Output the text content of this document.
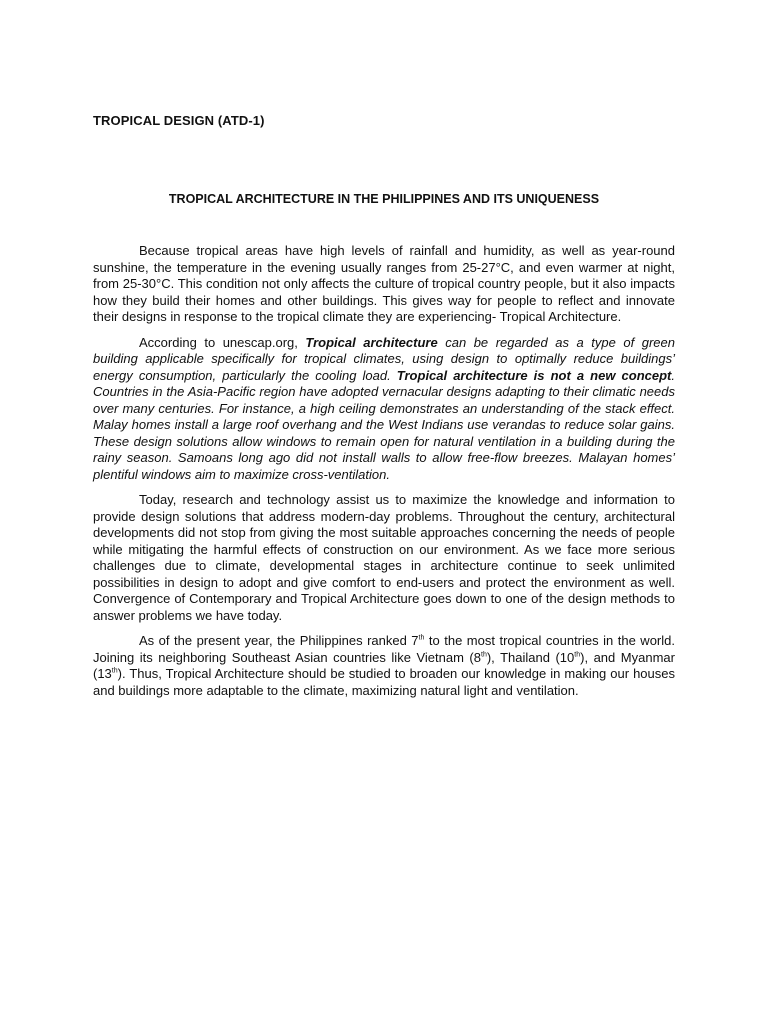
TROPICAL DESIGN (ATD-1)
TROPICAL ARCHITECTURE IN THE PHILIPPINES AND ITS UNIQUENESS

Because tropical areas have high levels of rainfall and humidity, as well as year-round sunshine, the temperature in the evening usually ranges from 25-27°C, and even warmer at night, from 25-30°C. This condition not only affects the culture of tropical country people, but it also impacts how they build their homes and other buildings. This gives way for people to reflect and innovate their designs in response to the tropical climate they are experiencing- Tropical Architecture.

According to unescap.org, Tropical architecture can be regarded as a type of green building applicable specifically for tropical climates, using design to optimally reduce buildings’ energy consumption, particularly the cooling load. Tropical architecture is not a new concept. Countries in the Asia-Pacific region have adopted vernacular designs adapting to their climatic needs over many centuries. For instance, a high ceiling demonstrates an understanding of the stack effect. Malay homes install a large roof overhang and the West Indians use verandas to reduce solar gains. These design solutions allow windows to remain open for natural ventilation in a building during the rainy season. Samoans long ago did not install walls to allow free-flow breezes. Malayan homes’ plentiful windows aim to maximize cross-ventilation.

Today, research and technology assist us to maximize the knowledge and information to provide design solutions that address modern-day problems. Throughout the century, architectural developments did not stop from giving the most suitable approaches concerning the needs of people while mitigating the harmful effects of construction on our environment. As we face more serious challenges due to climate, developmental stages in architecture continue to seek unlimited possibilities in design to adopt and give comfort to end-users and protect the environment as well. Convergence of Contemporary and Tropical Architecture goes down to one of the design methods to answer problems we have today.

As of the present year, the Philippines ranked 7th to the most tropical countries in the world. Joining its neighboring Southeast Asian countries like Vietnam (8th), Thailand (10th), and Myanmar (13th). Thus, Tropical Architecture should be studied to broaden our knowledge in making our houses and buildings more adaptable to the climate, maximizing natural light and ventilation.
